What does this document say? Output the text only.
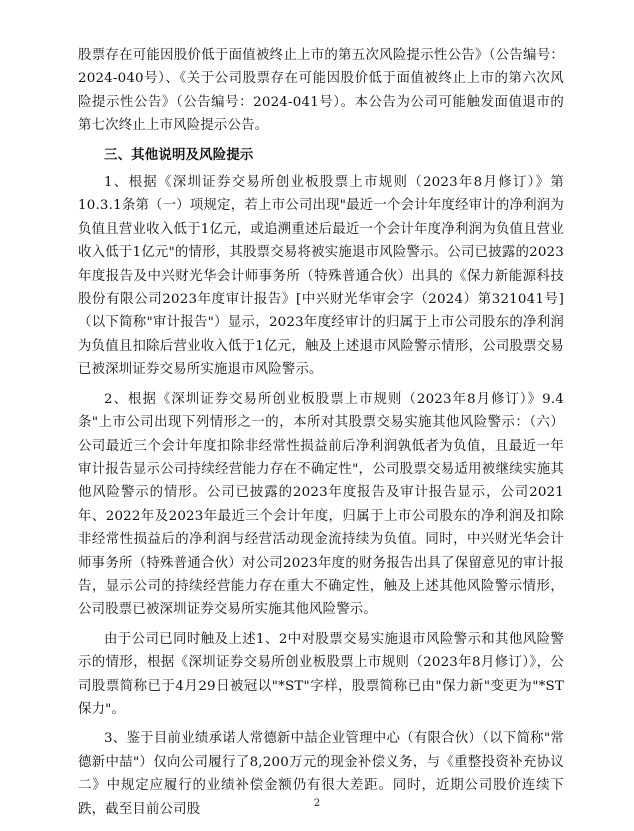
股票存在可能因股价低于面值被终止上市的第五次风险提示性公告》（公告编号：2024-040号）、《关于公司股票存在可能因股价低于面值被终止上市的第六次风险提示性公告》（公告编号：2024-041号）。本公告为公司可能触发面值退市的第七次终止上市风险提示公告。

三、其他说明及风险提示

1、根据《深圳证券交易所创业板股票上市规则（2023年8月修订）》第10.3.1条第（一）项规定，若上市公司出现"最近一个会计年度经审计的净利润为负值且营业收入低于1亿元，或追溯重述后最近一个会计年度净利润为负值且营业收入低于1亿元"的情形，其股票交易将被实施退市风险警示。公司已披露的2023年度报告及中兴财光华会计师事务所（特殊普通合伙）出具的《保力新能源科技股份有限公司2023年度审计报告》[中兴财光华审会字（2024）第321041号]（以下简称"审计报告"）显示，2023年度经审计的归属于上市公司股东的净利润为负值且扣除后营业收入低于1亿元，触及上述退市风险警示情形，公司股票交易已被深圳证券交易所实施退市风险警示。

2、根据《深圳证券交易所创业板股票上市规则（2023年8月修订）》9.4条"上市公司出现下列情形之一的，本所对其股票交易实施其他风险警示：（六）公司最近三个会计年度扣除非经常性损益前后净利润孰低者为负值，且最近一年审计报告显示公司持续经营能力存在不确定性"，公司股票交易适用被继续实施其他风险警示的情形。公司已披露的2023年度报告及审计报告显示，公司2021年、2022年及2023年最近三个会计年度，归属于上市公司股东的净利润及扣除非经常性损益后的净利润与经营活动现金流持续为负值。同时，中兴财光华会计师事务所（特殊普通合伙）对公司2023年度的财务报告出具了保留意见的审计报告，显示公司的持续经营能力存在重大不确定性，触及上述其他风险警示情形，公司股票已被深圳证券交易所实施其他风险警示。

由于公司已同时触及上述1、2中对股票交易实施退市风险警示和其他风险警示的情形，根据《深圳证券交易所创业板股票上市规则（2023年8月修订）》，公司股票简称已于4月29日被冠以"*ST"字样，股票简称已由"保力新"变更为"*ST保力"。

3、鉴于目前业绩承诺人常德新中喆企业管理中心（有限合伙）（以下简称"常德新中喆"）仅向公司履行了8,200万元的现金补偿义务，与《重整投资补充协议二》中规定应履行的业绩补偿金额仍有很大差距。同时，近期公司股价连续下跌，截至目前公司股	2
